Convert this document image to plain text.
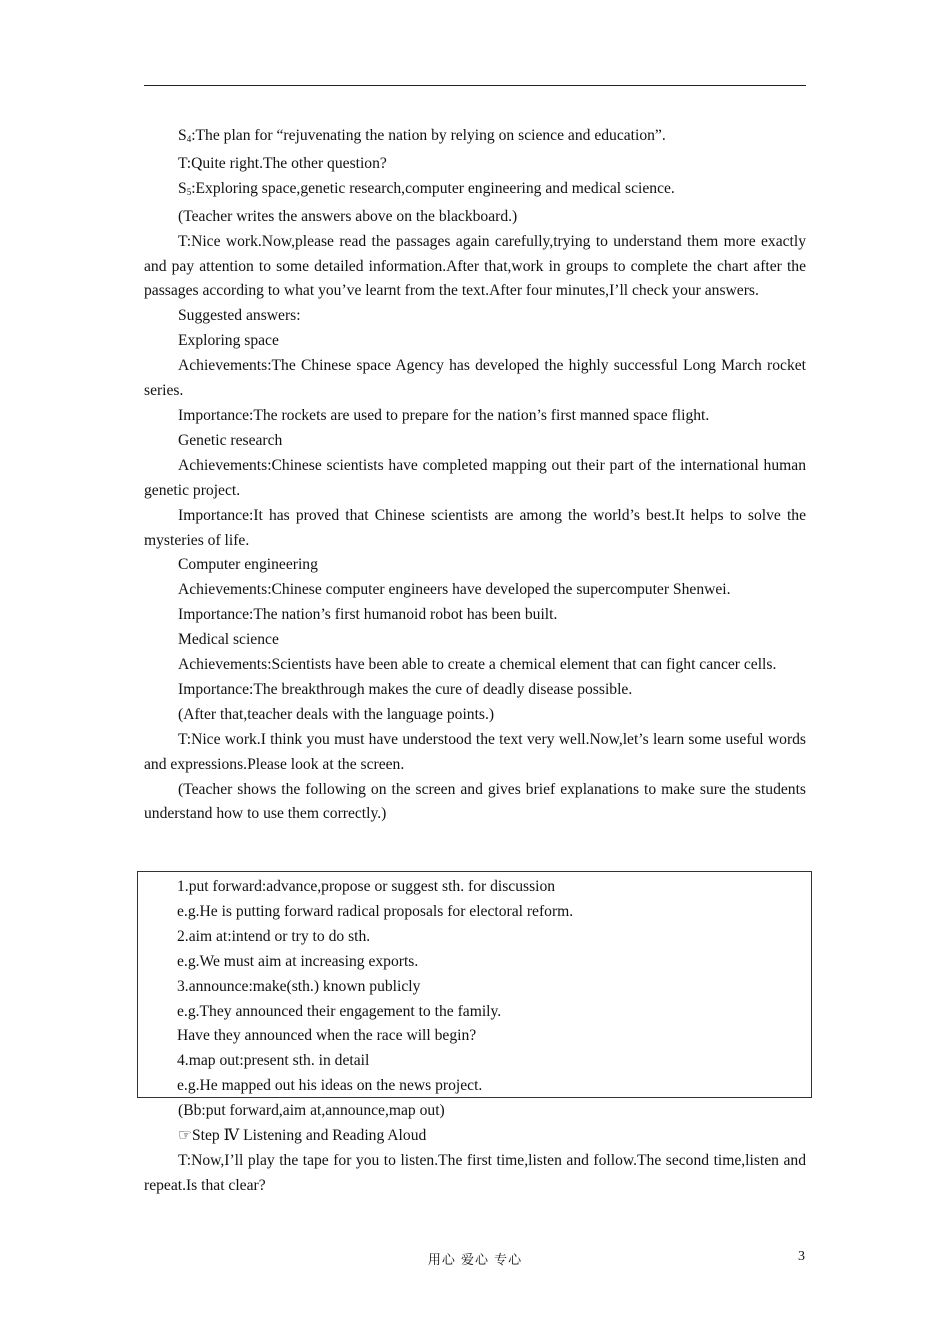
$S_4:The$ plan for “rejuvenating the nation by relying on science and education”.

T:Quite right.The other question?

$S_5:Exploring$ space,genetic research,computer engineering and medical science.

(Teacher writes the answers above on the blackboard.)

T:Nice work.Now,please read the passages again carefully,trying to understand them more exactly and pay attention to some detailed information.After that,work in groups to complete the chart after the passages according to what you’ve learnt from the text.After four minutes,I’ll check your answers.

Suggested answers:

Exploring space

Achievements:The Chinese space Agency has developed the highly successful Long March rocket series.

Importance:The rockets are used to prepare for the nation’s first manned space flight.

Genetic research

Achievements:Chinese scientists have completed mapping out their part of the international human genetic project.

Importance:It has proved that Chinese scientists are among the world’s best.It helps to solve the mysteries of life.

Computer engineering

Achievements:Chinese computer engineers have developed the supercomputer Shenwei.

Importance:The nation’s first humanoid robot has been built.

Medical science

Achievements:Scientists have been able to create a chemical element that can fight cancer cells.

Importance:The breakthrough makes the cure of deadly disease possible.

(After that,teacher deals with the language points.)

T:Nice work.I think you must have understood the text very well.Now,let’s learn some useful words and expressions.Please look at the screen.

(Teacher shows the following on the screen and gives brief explanations to make sure the students understand how to use them correctly.)

1.put forward:advance,propose or suggest sth. for discussion
e.g.He is putting forward radical proposals for electoral reform.
2.aim at:intend or try to do sth.
e.g.We must aim at increasing exports.
3.announce:make(sth.) known publicly
e.g.They announced their engagement to the family.
Have they announced when the race will begin?
4.map out:present sth. in detail
e.g.He mapped out his ideas on the news project.

(Bb:put forward,aim at,announce,map out)

☞Step Ⅳ Listening and Reading Aloud

T:Now,I’ll play the tape for you to listen.The first time,listen and follow.The second time,listen and repeat.Is that clear?

用心 爱心 专心	3
